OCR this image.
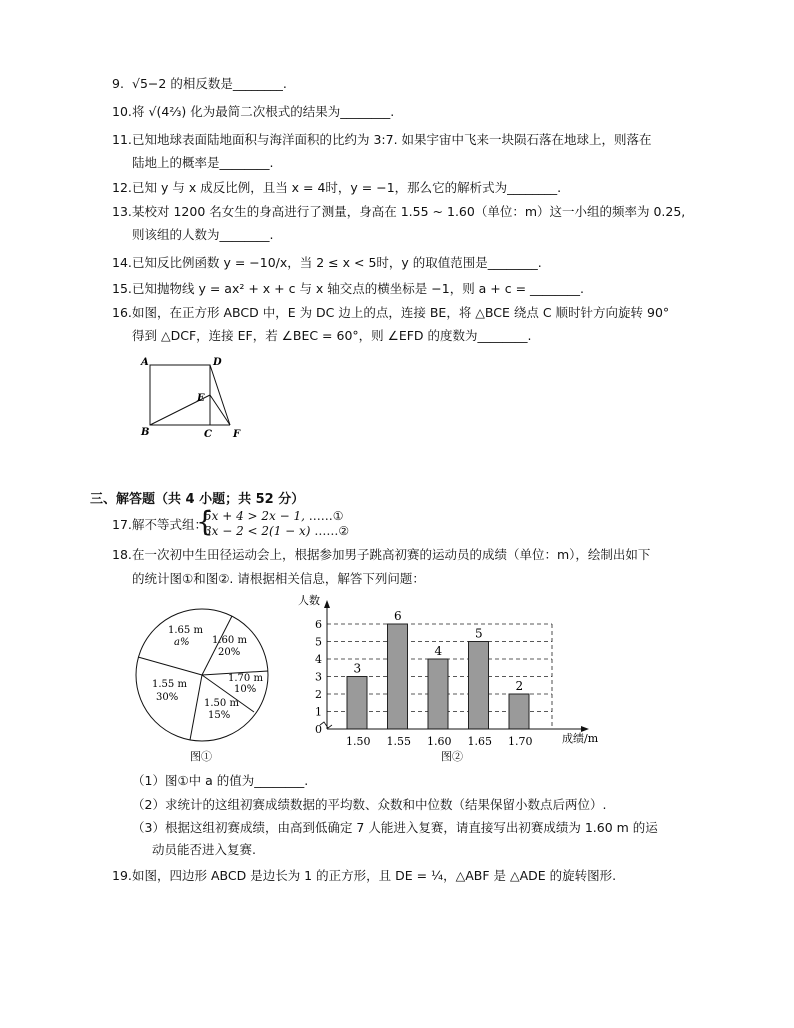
9. √5−2 的相反数是________.
10.将 √(4⅔) 化为最简二次根式的结果为________.
11.已知地球表面陆地面积与海洋面积的比约为 3:7. 如果宇宙中飞来一块陨石落在地球上，则落在
陆地上的概率是________.
12.已知 y 与 x 成反比例，且当 x = 4时，y = −1，那么它的解析式为________.
13.某校对 1200 名女生的身高进行了测量，身高在 1.55 ~ 1.60（单位：m）这一小组的频率为 0.25,
则该组的人数为________.
14.已知反比例函数 y = −10/x，当 2 ≤ x < 5时，y 的取值范围是________.
15.已知抛物线 y = ax² + x + c 与 x 轴交点的横坐标是 −1，则 a + c = ________.
16.如图，在正方形 ABCD 中，E 为 DC 边上的点，连接 BE，将 △BCE 绕点 C 顺时针方向旋转 90°
得到 △DCF，连接 EF，若 ∠BEC = 60°，则 ∠EFD 的度数为________.
A	D
E
B	C F
三、解答题（共 4 小题；共 52 分）
17.解不等式组：
{
5x + 4 > 2x − 1, ……①
3x − 2 < 2(1 − x) ……②
18.在一次初中生田径运动会上，根据参加男子跳高初赛的运动员的成绩（单位：m），绘制出如下
的统计图①和图②. 请根据相关信息，解答下列问题：
1.65 m
a% 1.60 m
20%
1.70 m
10%
1.50 m
15%
1.55 m
30%
图①
3
6
4
5
2
0
1
2
3
4
5
6
1.50 1.55 1.60 1.65 1.70
人数
成绩/m
图②
（1）图①中 a 的值为________.
（2）求统计的这组初赛成绩数据的平均数、众数和中位数（结果保留小数点后两位）.
（3）根据这组初赛成绩，由高到低确定 7 人能进入复赛，请直接写出初赛成绩为 1.60 m 的运
动员能否进入复赛.
19.如图，四边形 ABCD 是边长为 1 的正方形，且 DE = ¼，△ABF 是 △ADE 的旋转图形.
